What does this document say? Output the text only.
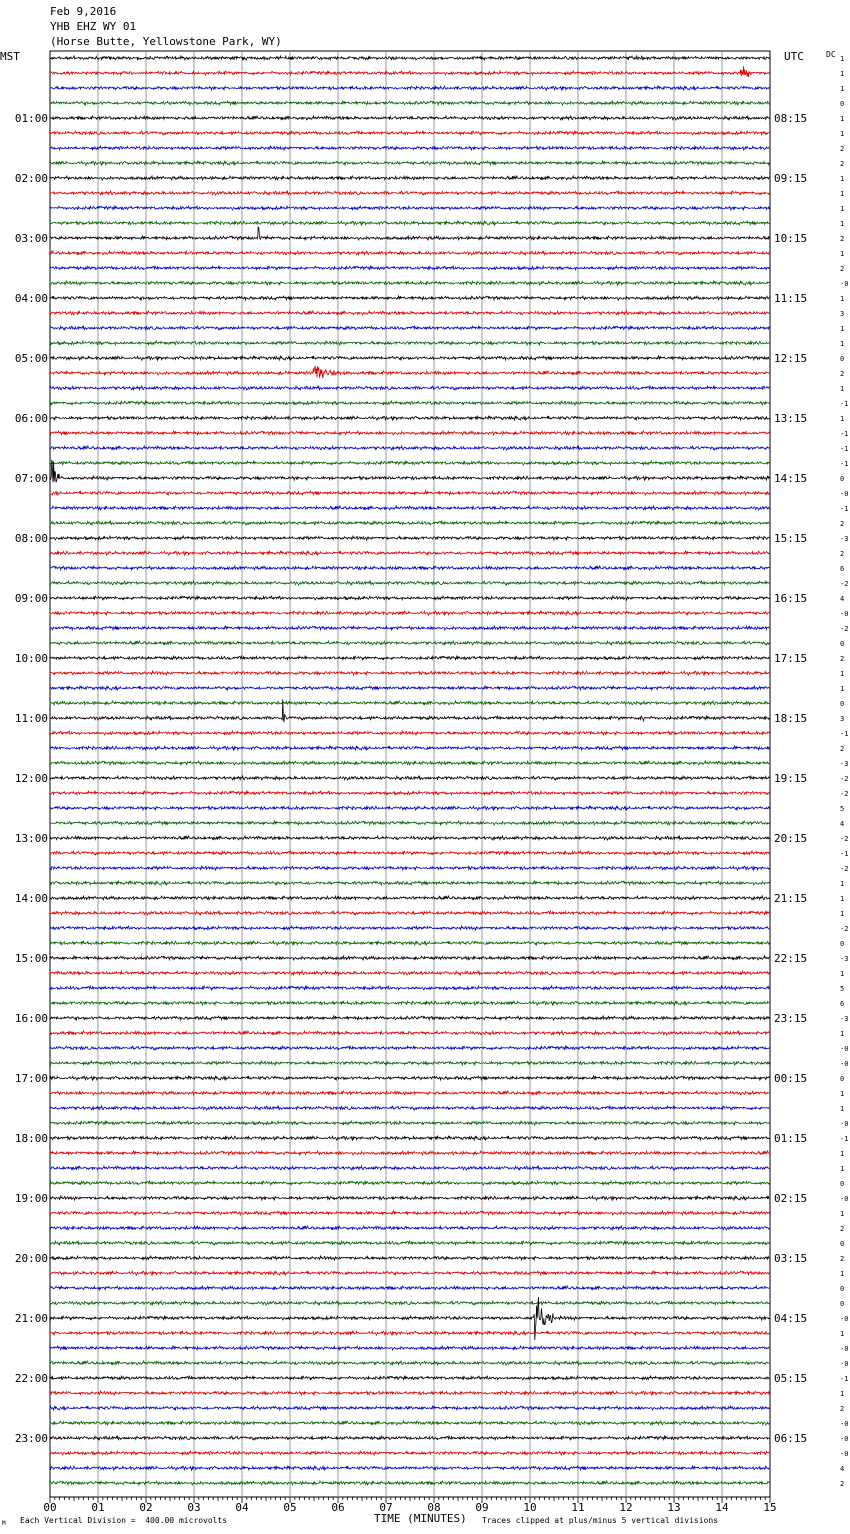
Feb 9,2016
YHB EHZ WY 01
(Horse Butte, Yellowstone Park, WY)
MST	UTC	DC 1
1
1
0
1
1
2
2
1
1
1
1
2
1
2
-0
1
3
1
1
0
2
1
-1
1
-1
-1
-1
0
-0
-1
2
-3
2
6
-2
4
-0
-2
0
2
1
1
0
3
-1
2
-3
-2
-2
5
4
-2
-1
-2
1
1
1
-2
0
-3
1
5
6
-3
1
-0
-0
0
1
1
-0
-1
1
1
0
-0
1
2
0
2
1
0
0
-0
1
-0
-0
-1
1
2
-0
-0
-0
4
2
01:00
02:00
03:00
04:00
05:00
06:00
07:00
08:00
09:00
10:00
11:00
12:00
13:00
14:00
15:00
16:00
17:00
18:00
19:00
20:00
21:00
22:00
23:00
08:15
09:15
10:15
11:15
12:15
13:15
14:15
15:15
16:15
17:15
18:15
19:15
20:15
21:15
22:15
23:15
00:15
01:15
02:15
03:15
04:15
05:15
06:15
00	01	02	03	04	05	06	07	08	09	10	11	12	13	14	15
TIME (MINUTES)
Each Vertical Division =  400.00 microvolts	Traces clipped at plus/minus 5 vertical divisions
M
